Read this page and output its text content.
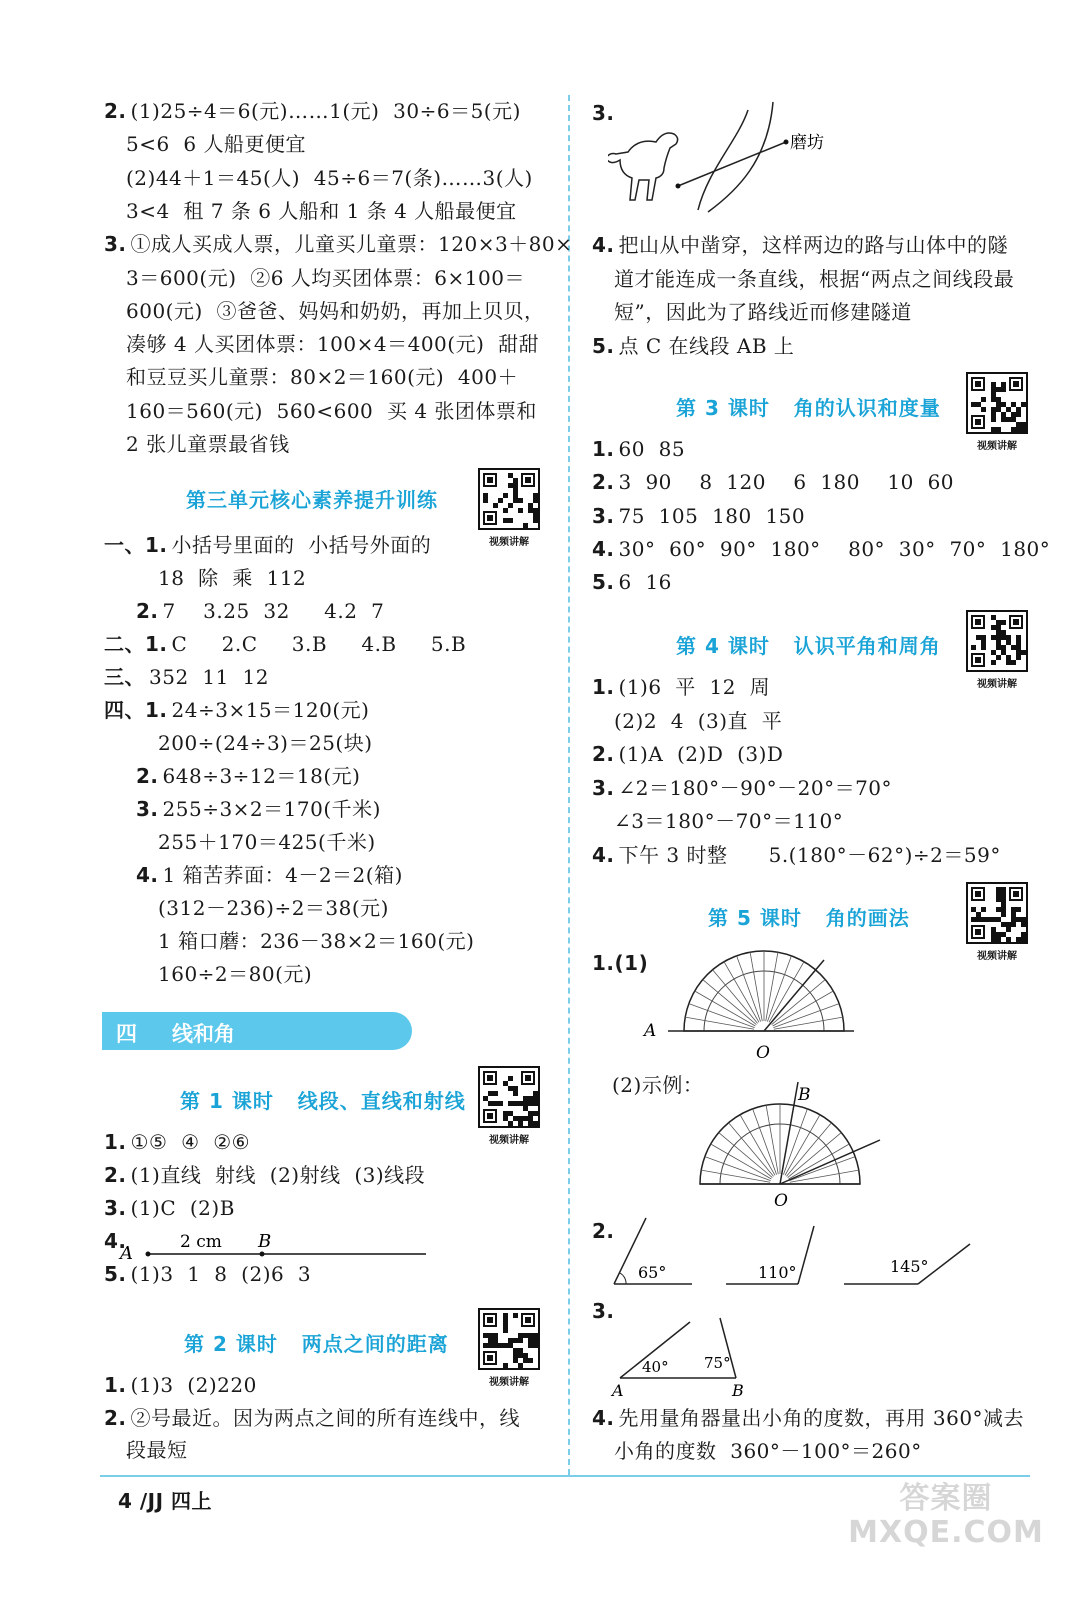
2. (1)25÷4＝6(元)……1(元)  30÷6＝5(元)
5<6  6 人船更便宜
(2)44＋1＝45(人)  45÷6＝7(条)……3(人)
3<4  租 7 条 6 人船和 1 条 4 人船最便宜
3. ①成人买成人票，儿童买儿童票：120×3＋80×
3＝600(元)  ②6 人均买团体票：6×100＝
600(元)  ③爸爸、妈妈和奶奶，再加上贝贝，
凑够 4 人买团体票：100×4＝400(元)  甜甜
和豆豆买儿童票：80×2＝160(元)  400＋
160＝560(元)  560<600  买 4 张团体票和
2 张儿童票最省钱
第三单元核心素养提升训练
视频讲解
一、1. 小括号里面的  小括号外面的
18  除  乘  112
2. 7    3.25  32     4.2  7
二、1. C     2.C     3.B     4.B     5.B
三、 352  11  12
四、1. 24÷3×15＝120(元)
200÷(24÷3)＝25(块)
2. 648÷3÷12＝18(元)
3. 255÷3×2＝170(千米)
255＋170＝425(千米)
4. 1 箱苦荞面：4－2＝2(箱)
(312－236)÷2＝38(元)
1 箱口蘑：236－38×2＝160(元)
160÷2＝80(元)
四 线和角
第 1 课时   线段、直线和射线
视频讲解
1. ①⑤  ④  ②⑥
2. (1)直线  射线  (2)射线  (3)线段
3. (1)C  (2)B
4.
5. (1)3  1  8  (2)6  3
A
2 cm B
第 2 课时   两点之间的距离
视频讲解
1. (1)3  (2)220
2. ②号最近。因为两点之间的所有连线中，线
段最短
3.
磨坊
4. 把山从中凿穿，这样两边的路与山体中的隧
道才能连成一条直线，根据“两点之间线段最
短”，因此为了路线近而修建隧道
5. 点 C 在线段 AB 上
第 3 课时   角的认识和度量
视频讲解
1. 60  85
2. 3  90    8  120    6  180    10  60
3. 75  105  180  150
4. 30°  60°  90°  180°    80°  30°  70°  180°
5. 6  16
第 4 课时   认识平角和周角
视频讲解
1. (1)6  平  12  周
(2)2  4  (3)直  平
2. (1)A  (2)D  (3)D
3. ∠2＝180°－90°－20°＝70°
∠3＝180°－70°＝110°
4. 下午 3 时整      5.(180°－62°)÷2＝59°
第 5 课时   角的画法
视频讲解
1.(1)
A
O
(2)示例：	B
O
2.
65°	110°	145°
3.
40° 75°
A	B
4. 先用量角器量出小角的度数，再用 360°减去
小角的度数  360°－100°＝260°
4 /JJ 四上	答案圈 MXQE.COM
